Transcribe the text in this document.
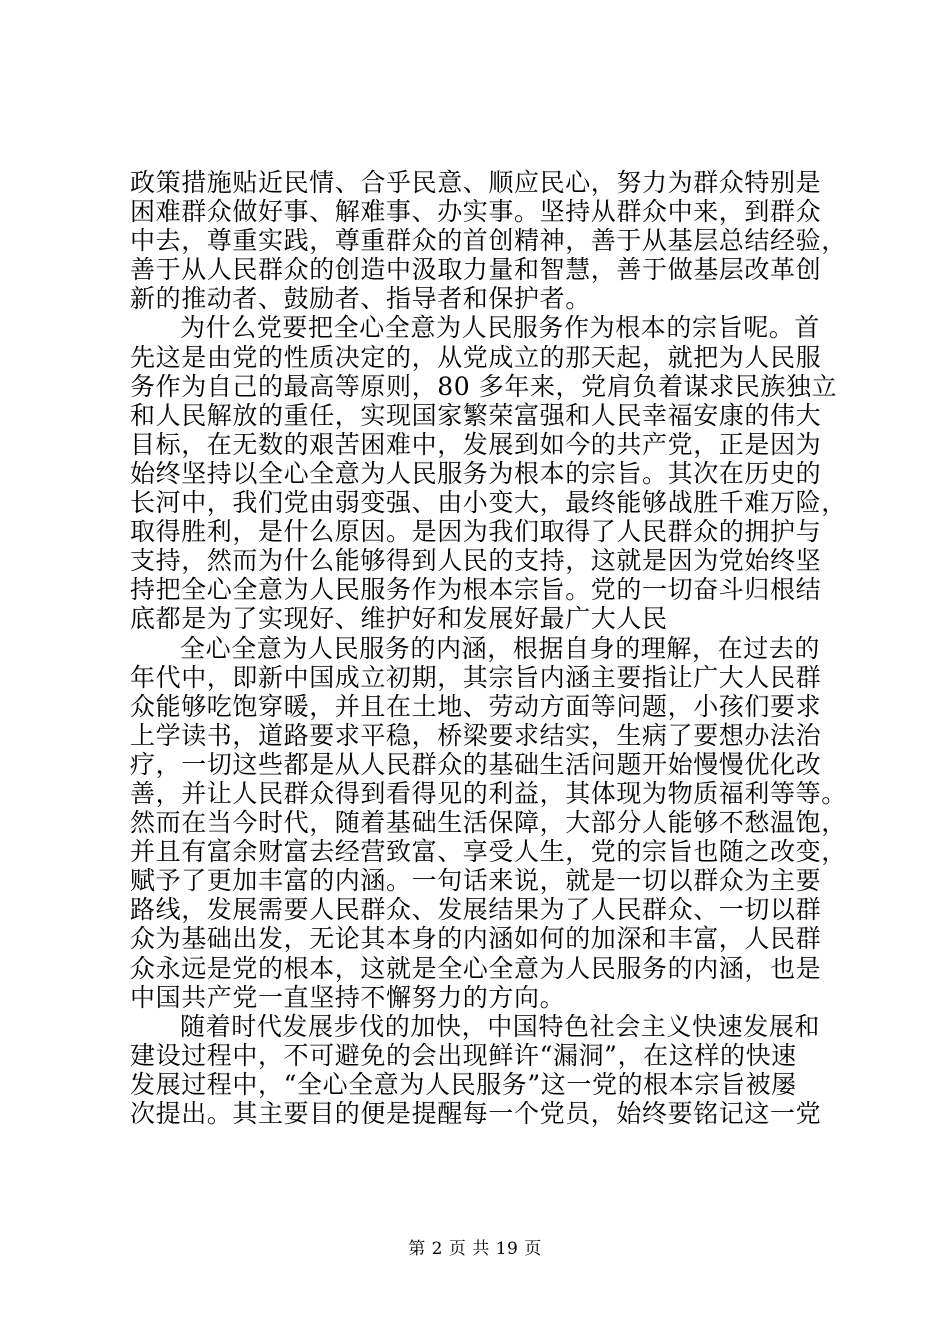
政策措施贴近民情、合乎民意、顺应民心，努力为群众特别是
困难群众做好事、解难事、办实事。坚持从群众中来，到群众
中去，尊重实践，尊重群众的首创精神，善于从基层总结经验，
善于从人民群众的创造中汲取力量和智慧，善于做基层改革创
新的推动者、鼓励者、指导者和保护者。
为什么党要把全心全意为人民服务作为根本的宗旨呢。首
先这是由党的性质决定的，从党成立的那天起，就把为人民服
务作为自己的最高等原则，80 多年来，党肩负着谋求民族独立
和人民解放的重任，实现国家繁荣富强和人民幸福安康的伟大
目标，在无数的艰苦困难中，发展到如今的共产党，正是因为
始终坚持以全心全意为人民服务为根本的宗旨。其次在历史的
长河中，我们党由弱变强、由小变大，最终能够战胜千难万险，
取得胜利，是什么原因。是因为我们取得了人民群众的拥护与
支持，然而为什么能够得到人民的支持，这就是因为党始终坚
持把全心全意为人民服务作为根本宗旨。党的一切奋斗归根结
底都是为了实现好、维护好和发展好最广大人民
全心全意为人民服务的内涵，根据自身的理解，在过去的
年代中，即新中国成立初期，其宗旨内涵主要指让广大人民群
众能够吃饱穿暖，并且在土地、劳动方面等问题，小孩们要求
上学读书，道路要求平稳，桥梁要求结实，生病了要想办法治
疗，一切这些都是从人民群众的基础生活问题开始慢慢优化改
善，并让人民群众得到看得见的利益，其体现为物质福利等等。
然而在当今时代，随着基础生活保障，大部分人能够不愁温饱，
并且有富余财富去经营致富、享受人生，党的宗旨也随之改变，
赋予了更加丰富的内涵。一句话来说，就是一切以群众为主要
路线，发展需要人民群众、发展结果为了人民群众、一切以群
众为基础出发，无论其本身的内涵如何的加深和丰富，人民群
众永远是党的根本，这就是全心全意为人民服务的内涵，也是
中国共产党一直坚持不懈努力的方向。
随着时代发展步伐的加快，中国特色社会主义快速发展和
建设过程中，不可避免的会出现鲜许“漏洞”，在这样的快速
发展过程中，“全心全意为人民服务”这一党的根本宗旨被屡
次提出。其主要目的便是提醒每一个党员，始终要铭记这一党
第 2 页 共 19 页
